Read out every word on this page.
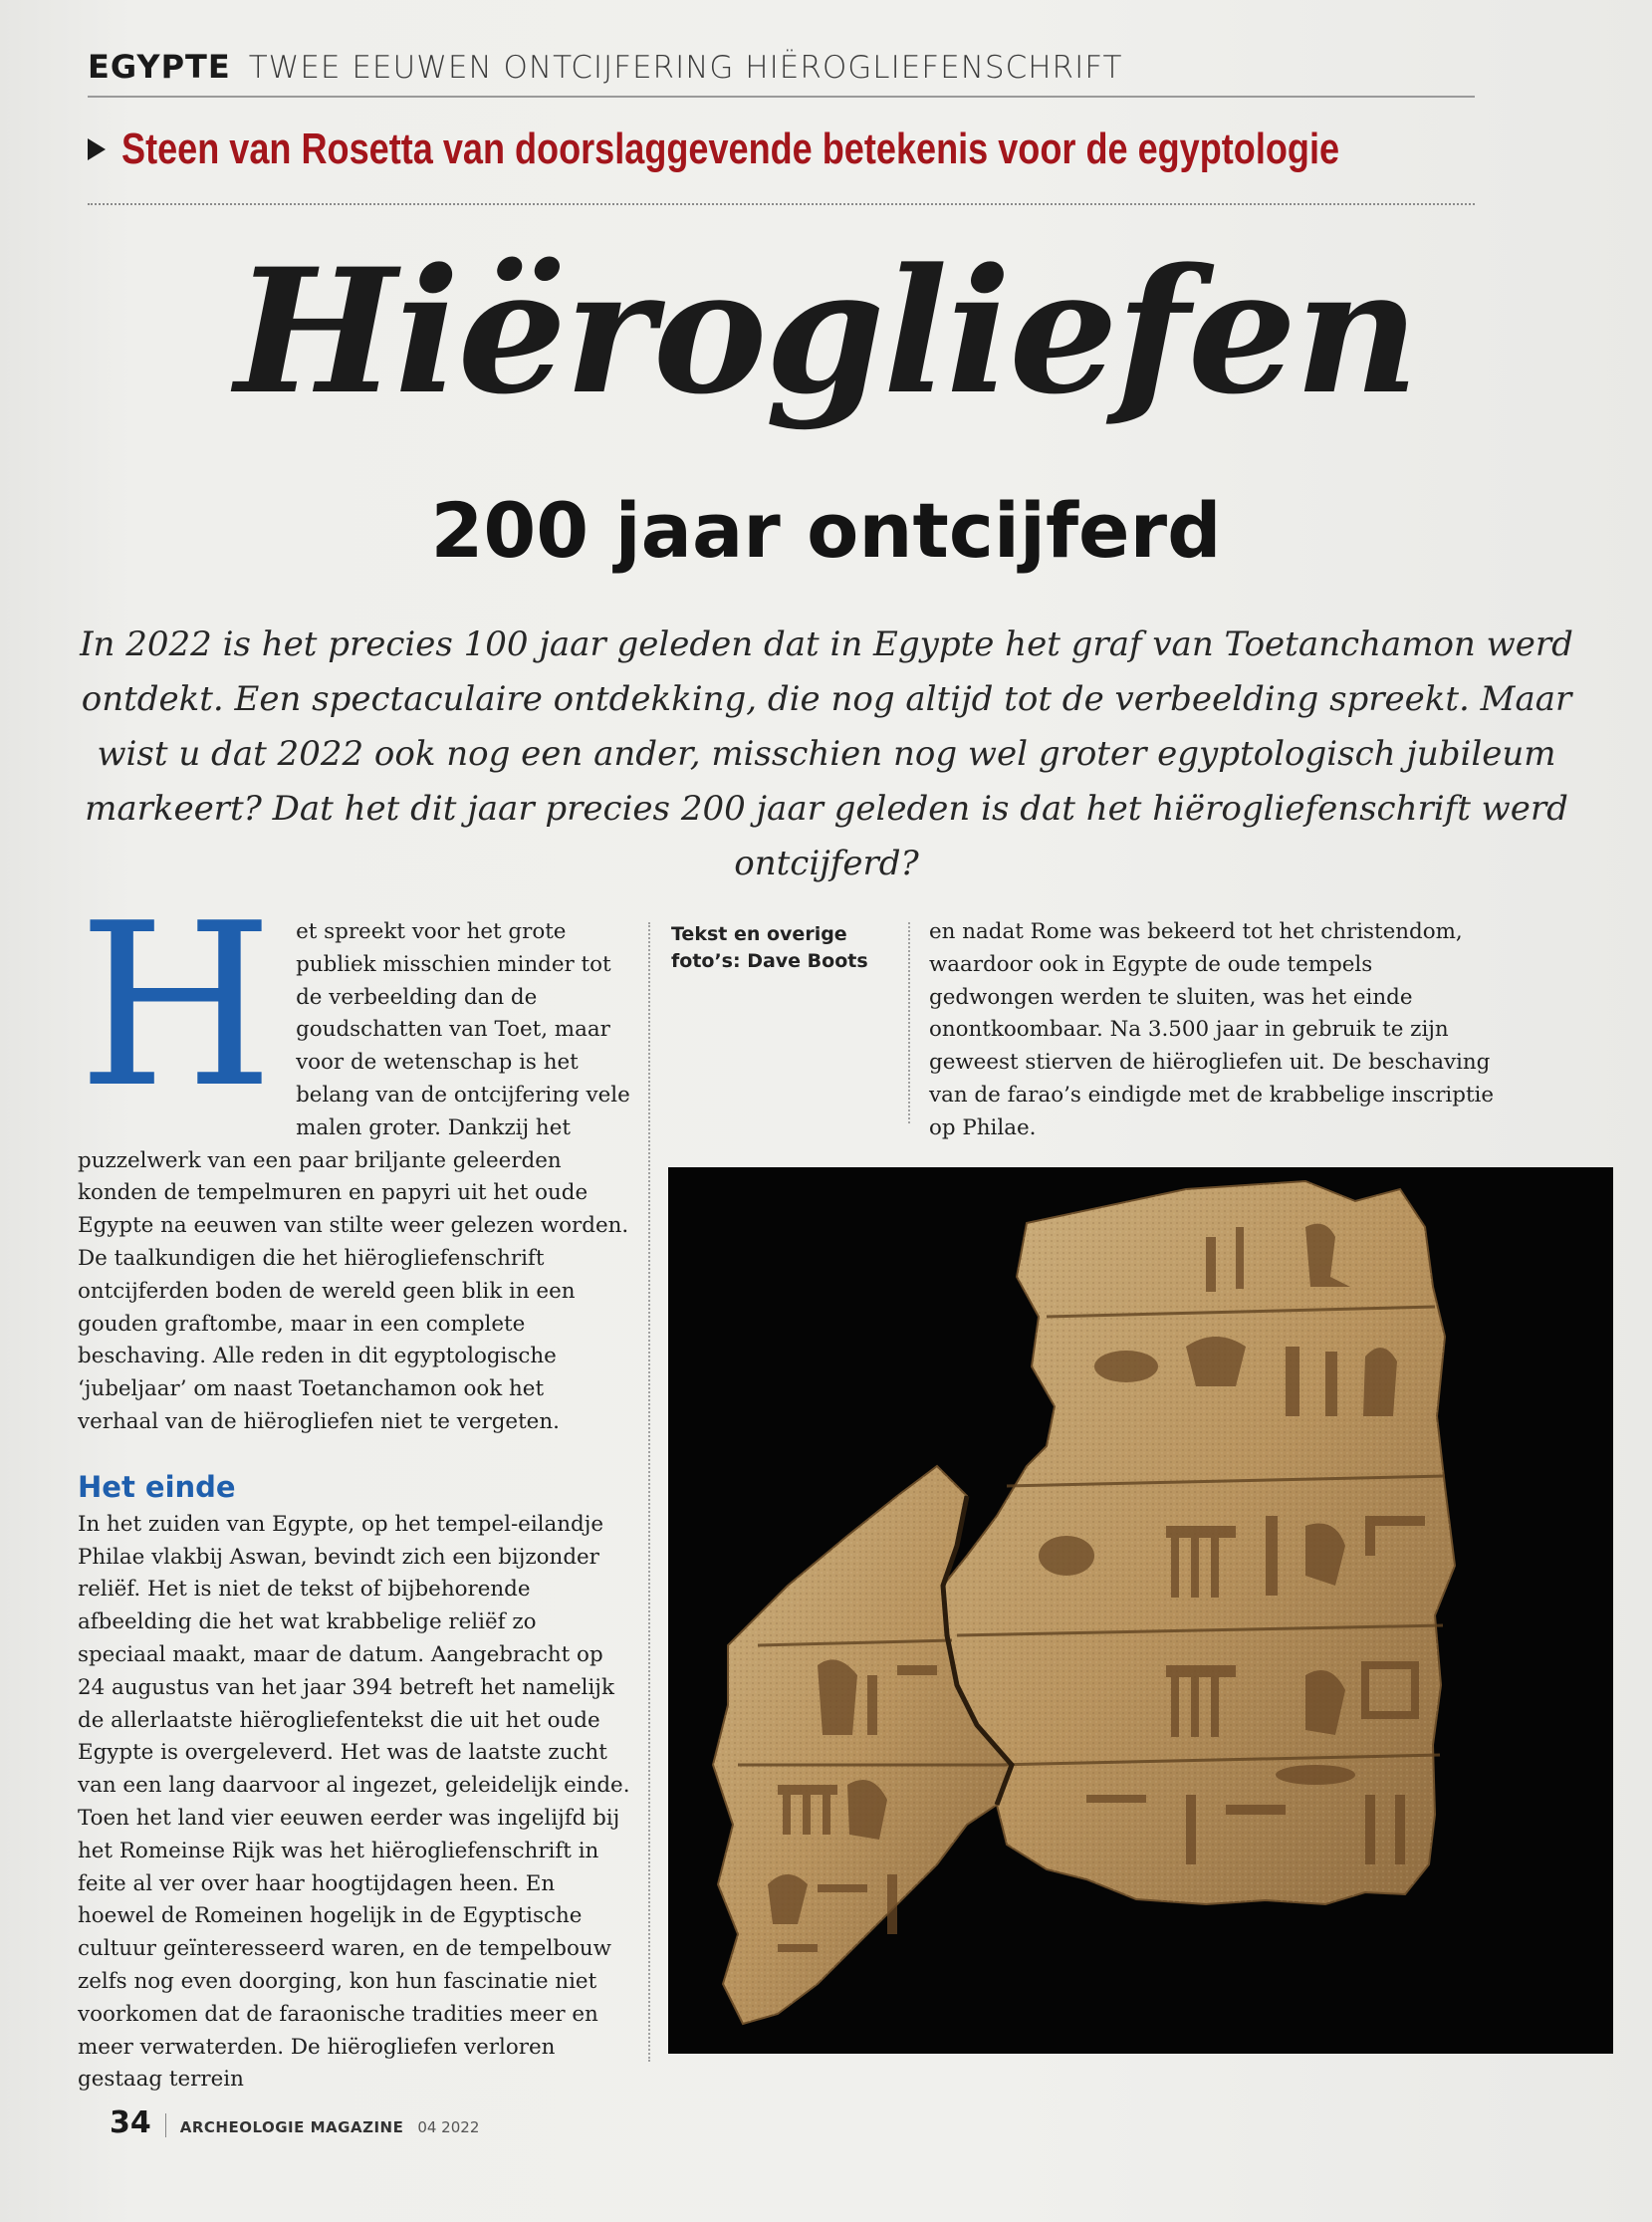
EGYPTE TWEE EEUWEN ONTCIJFERING HIËROGLIEFENSCHRIFT
Steen van Rosetta van doorslaggevende betekenis voor de egyptologie
Hiërogliefen
200 jaar ontcijferd
In 2022 is het precies 100 jaar geleden dat in Egypte het graf van Toetanchamon werd ontdekt. Een spectaculaire ontdekking, die nog altijd tot de verbeelding spreekt. Maar wist u dat 2022 ook nog een ander, misschien nog wel groter egyptologisch jubileum markeert? Dat het dit jaar precies 200 jaar geleden is dat het hiërogliefenschrift werd ontcijferd?
H	et spreekt voor het grote publiek misschien minder tot de verbeelding dan de goudschatten van Toet, maar voor de wetenschap is het belang van de ontcijfering vele malen groter. Dankzij het puzzelwerk van een paar briljante geleerden konden de tempelmuren en papyri uit het oude Egypte na eeuwen van stilte weer gelezen worden. De taalkundigen die het hiërogliefenschrift ontcijferden boden de wereld geen blik in een gouden graftombe, maar in een complete beschaving. Alle reden in dit egyptologische ‘jubeljaar’ om naast Toetanchamon ook het verhaal van de hiërogliefen niet te vergeten.

Het einde

In het zuiden van Egypte, op het tempel-eilandje Philae vlakbij Aswan, bevindt zich een bijzonder reliëf. Het is niet de tekst of bijbehorende afbeelding die het wat krabbelige reliëf zo speciaal maakt, maar de datum. Aangebracht op 24 augustus van het jaar 394 betreft het namelijk de allerlaatste hiërogliefentekst die uit het oude Egypte is overgeleverd. Het was de laatste zucht van een lang daarvoor al ingezet, geleidelijk einde. Toen het land vier eeuwen eerder was ingelijfd bij het Romeinse Rijk was het hiërogliefenschrift in feite al ver over haar hoogtijdagen heen. En hoewel de Romeinen hogelijk in de Egyptische cultuur geïnteresseerd waren, en de tempelbouw zelfs nog even doorging, kon hun fascinatie niet voorkomen dat de faraonische tradities meer en meer verwaterden. De hiërogliefen verloren gestaag terrein

Tekst en overige foto’s: Dave Boots

en nadat Rome was bekeerd tot het christendom, waardoor ook in Egypte de oude tempels gedwongen werden te sluiten, was het einde onontkoombaar. Na 3.500 jaar in gebruik te zijn geweest stierven de hiërogliefen uit. De beschaving van de farao’s eindigde met de krabbelige inscriptie op Philae.

34 ARCHEOLOGIE MAGAZINE 04 2022
